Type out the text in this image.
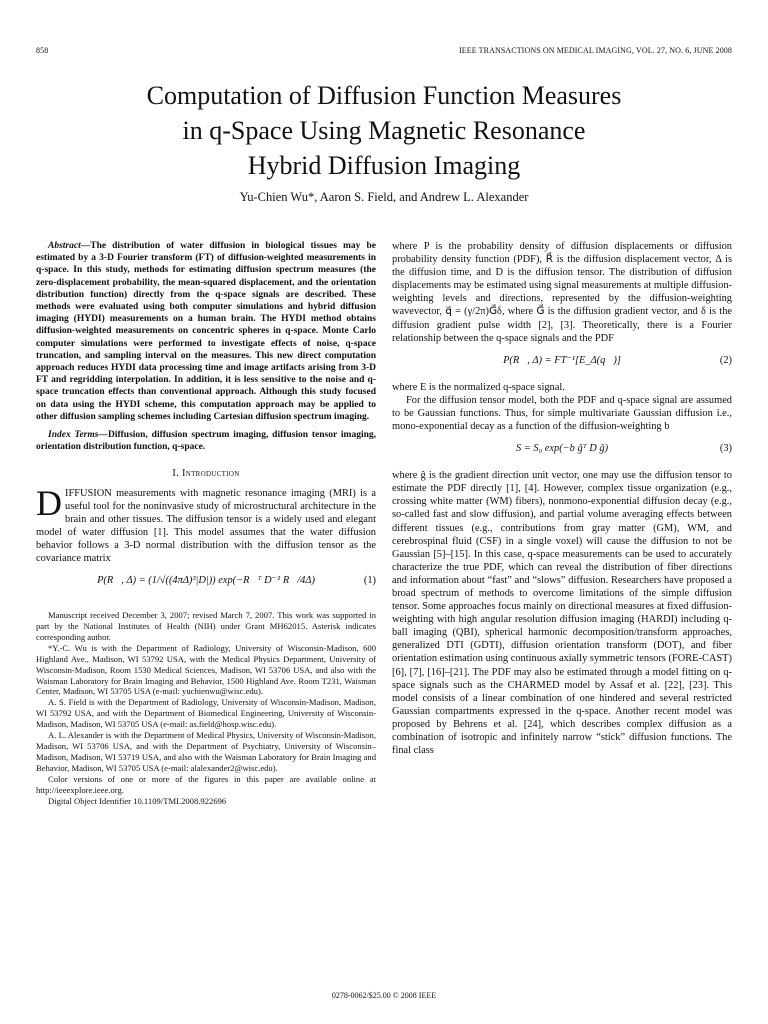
858	IEEE TRANSACTIONS ON MEDICAL IMAGING, VOL. 27, NO. 6, JUNE 2008
Computation of Diffusion Function Measures
in q-Space Using Magnetic Resonance
Hybrid Diffusion Imaging
Yu-Chien Wu*, Aaron S. Field, and Andrew L. Alexander

Abstract—The distribution of water diffusion in biological tissues may be estimated by a 3-D Fourier transform (FT) of diffusion-weighted measurements in q-space. In this study, methods for estimating diffusion spectrum measures (the zero-displacement probability, the mean-squared displacement, and the orientation distribution function) directly from the q-space signals are described. These methods were evaluated using both computer simulations and hybrid diffusion imaging (HYDI) measurements on a human brain. The HYDI method obtains diffusion-weighted measurements on concentric spheres in q-space. Monte Carlo computer simulations were performed to investigate effects of noise, q-space truncation, and sampling interval on the measures. This new direct computation approach reduces HYDI data processing time and image artifacts arising from 3-D FT and regridding interpolation. In addition, it is less sensitive to the noise and q-space truncation effects than conventional approach. Although this study focused on data using the HYDI scheme, this computation approach may be applied to other diffusion sampling schemes including Cartesian diffusion spectrum imaging.

Index Terms—Diffusion, diffusion spectrum imaging, diffusion tensor imaging, orientation distribution function, q-space.

I. Introduction

DIFFUSION measurements with magnetic resonance imaging (MRI) is a useful tool for the noninvasive study of microstructural architecture in the brain and other tissues. The diffusion tensor is a widely used and elegant model of water diffusion [1]. This model assumes that the water diffusion behavior follows a 3-D normal distribution with the diffusion tensor as the covariance matrix

P(R⃗, Δ) = (1/√((4πΔ)³|D|)) exp(−R⃗ᵀ D⁻¹ R⃗/4Δ)	(1)

Manuscript received December 3, 2007; revised March 7, 2007. This work was supported in part by the National Institutes of Health (NIH) under Grant MH62015. Asterisk indicates corresponding author.

*Y.-C. Wu is with the Department of Radiology, University of Wisconsin-Madison, 600 Highland Ave., Madison, WI 53792 USA, with the Medical Physics Department, University of Wisconsin-Madison, Room 1530 Medical Sciences, Madison, WI 53706 USA, and also with the Waisman Laboratory for Brain Imaging and Behavior, 1500 Highland Ave. Room T231, Waisman Center, Madison, WI 53705 USA (e-mail: yuchienwu@wisc.edu).

A. S. Field is with the Department of Radiology, University of Wisconsin-Madison, Madison, WI 53792 USA, and with the Department of Biomedical Engineering, University of Wisconsin-Madison, Madison, WI 53705 USA (e-mail: as.field@hosp.wisc.edu).

A. L. Alexander is with the Department of Medical Physics, University of Wisconsin-Madison, Madison, WI 53706 USA, and with the Department of Psychiatry, University of Wisconsin–Madison, Madison, WI 53719 USA, and also with the Waisman Laboratory for Brain Imaging and Behavior, Madison, WI 53705 USA (e-mail: alalexander2@wisc.edu).

Color versions of one or more of the figures in this paper are available online at http://ieeexplore.ieee.org.

Digital Object Identifier 10.1109/TMI.2008.922696

where P is the probability density of diffusion displacements or diffusion probability density function (PDF), R⃗ is the diffusion displacement vector, Δ is the diffusion time, and D is the diffusion tensor. The distribution of diffusion displacements may be estimated using signal measurements at multiple diffusion-weighting levels and directions, represented by the diffusion-weighting wavevector, q⃗ = (γ/2π)G⃗δ, where G⃗ is the diffusion gradient vector, and δ is the diffusion gradient pulse width [2], [3]. Theoretically, there is a Fourier relationship between the q-space signals and the PDF

P(R⃗, Δ) = FT⁻¹[E_Δ(q⃗)]	(2)

where E is the normalized q-space signal.

For the diffusion tensor model, both the PDF and q-space signal are assumed to be Gaussian functions. Thus, for simple multivariate Gaussian diffusion i.e., mono-exponential decay as a function of the diffusion-weighting b

S = S₀ exp(−b ĝᵀ D ĝ)	(3)

where ĝ is the gradient direction unit vector, one may use the diffusion tensor to estimate the PDF directly [1], [4]. However, complex tissue organization (e.g., crossing white matter (WM) fibers), nonmono-exponential diffusion decay (e.g., so-called fast and slow diffusion), and partial volume averaging effects between different tissues (e.g., contributions from gray matter (GM), WM, and cerebrospinal fluid (CSF) in a single voxel) will cause the diffusion to not be Gaussian [5]–[15]. In this case, q-space measurements can be used to accurately characterize the true PDF, which can reveal the distribution of fiber directions and information about “fast” and “slows” diffusion. Researchers have proposed a broad spectrum of methods to overcome limitations of the simple diffusion tensor. Some approaches focus mainly on directional measures at fixed diffusion-weighting with high angular resolution diffusion imaging (HARDI) including q-ball imaging (QBI), spherical harmonic decomposition/transform approaches, generalized DTI (GDTI), diffusion orientation transform (DOT), and fiber orientation estimation using continuous axially symmetric tensors (FORE-CAST) [6], [7], [16]–[21]. The PDF may also be estimated through a model fitting on q-space signals such as the CHARMED model by Assaf et al. [22], [23]. This model consists of a linear combination of one hindered and several restricted Gaussian compartments expressed in the q-space. Another recent model was proposed by Behrens et al. [24], which describes complex diffusion as a combination of isotropic and infinitely narrow “stick” diffusion functions. The final class

0278-0062/$25.00 © 2008 IEEE
